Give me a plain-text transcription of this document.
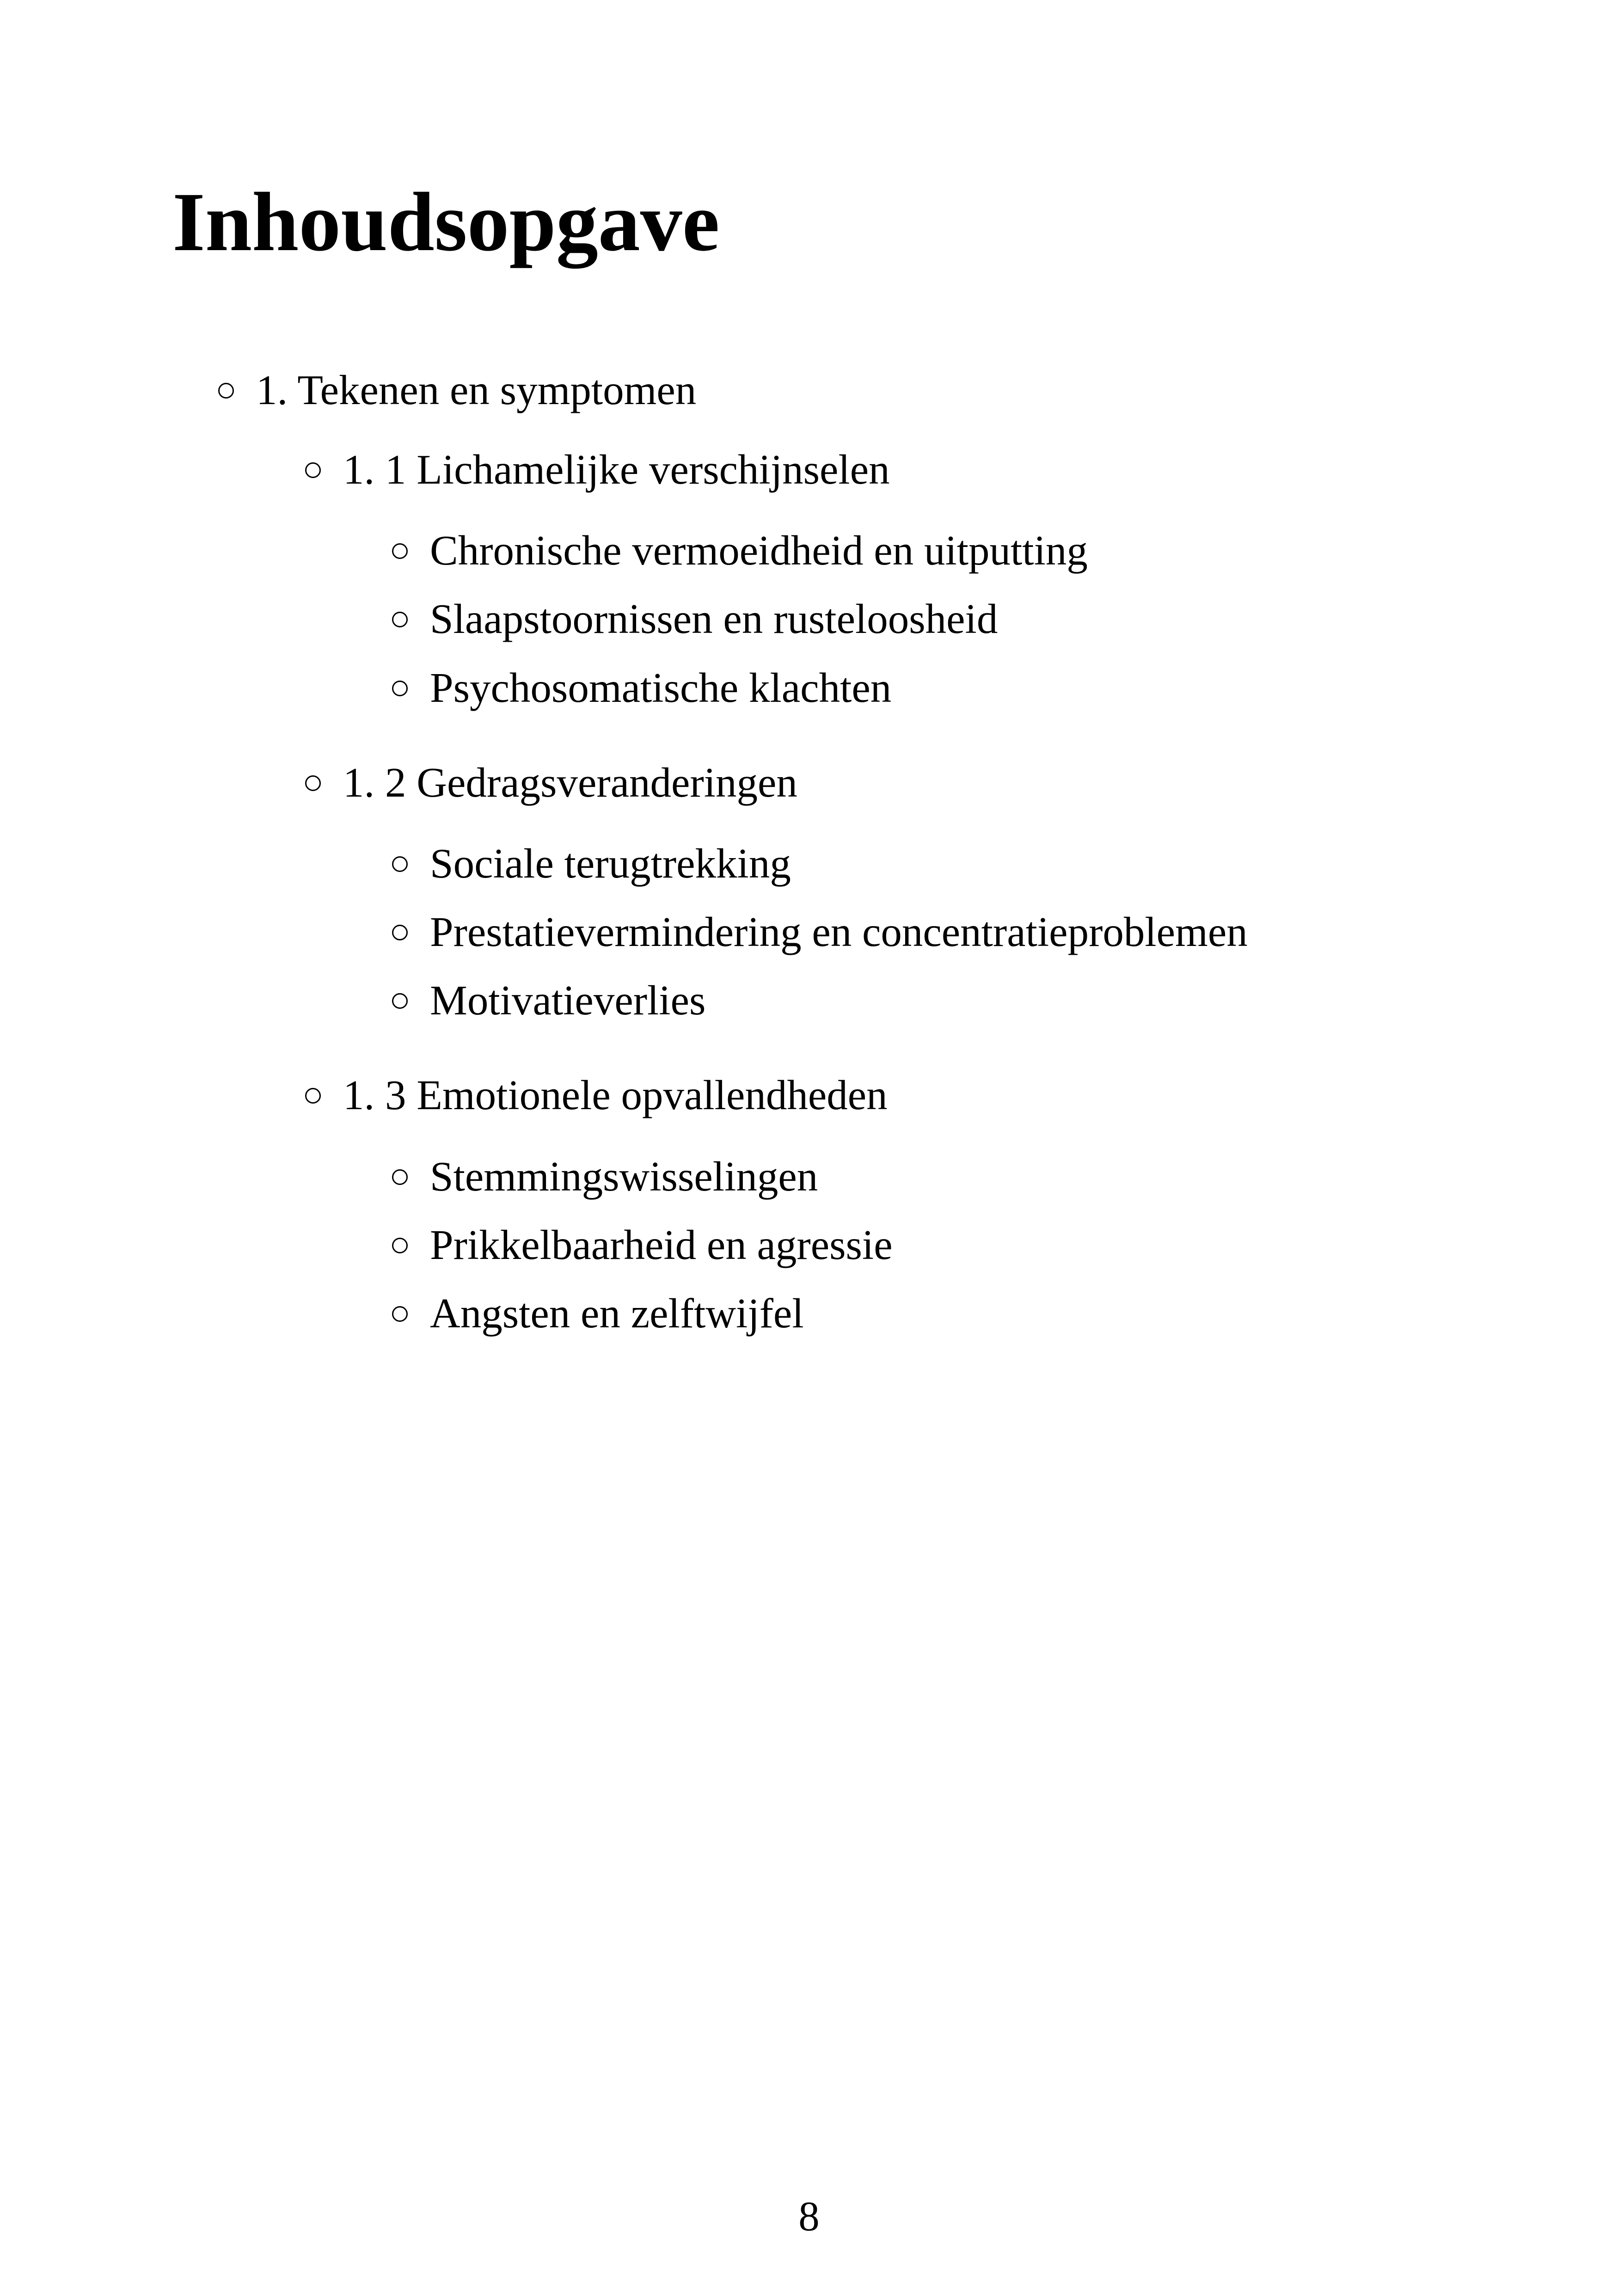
Inhoudsopgave
1. Tekenen en symptomen
1. 1 Lichamelijke verschijnselen
Chronische vermoeidheid en uitputting
Slaapstoornissen en rusteloosheid
Psychosomatische klachten
1. 2 Gedragsveranderingen
Sociale terugtrekking
Prestatievermindering en concentratieproblemen
Motivatieverlies
1. 3 Emotionele opvallendheden
Stemmingswisselingen
Prikkelbaarheid en agressie
Angsten en zelftwijfel
8
